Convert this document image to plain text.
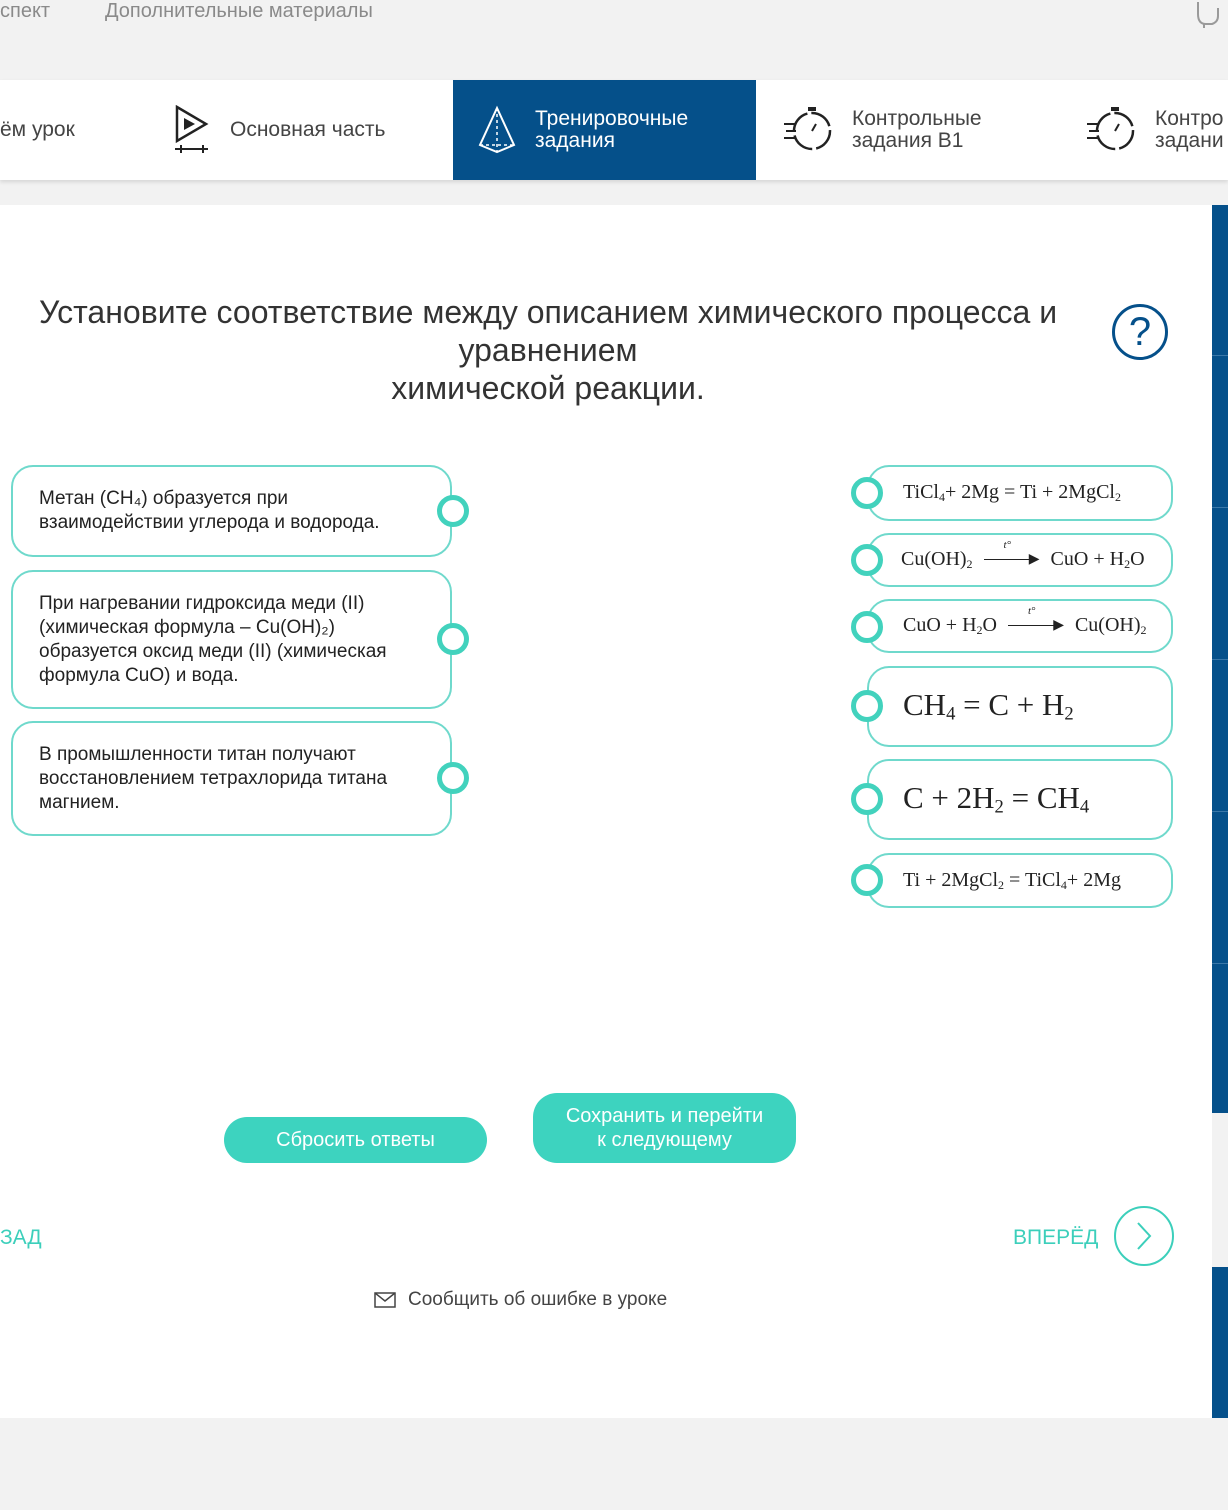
спект	Дополнительные материалы
ём урок	Основная часть	Тренировочные
задания
Контрольные
задания В1
Контро
задани
Установите соответствие между описанием химического процесса и
уравнением
химической реакции.
?
Метан (CH₄) образуется при
взаимодействии углерода и водорода.
При нагревании гидроксида меди (II)
(химическая формула – Cu(OH)₂)
образуется оксид меди (II) (химическая
формула CuO) и вода.
В промышленности титан получают
восстановлением тетрахлорида титана
магнием.
TiCl$_4$+ 2Mg = Ti + 2MgCl$_2$
$Cu(OH)_2$
t°
▶ CuO + $H_2O$
CuO + $H_2O$
t°
▶ $Cu(OH)_2$
$CH_4 = C + H_2$
$C + 2H_2 = CH_4$
Ti + 2MgCl$_2$ = TiCl$_4$+ 2Mg
Сбросить ответы
Сохранить и перейти
к следующему
ЗАД	ВПЕРЁД
Сообщить об ошибке в уроке
